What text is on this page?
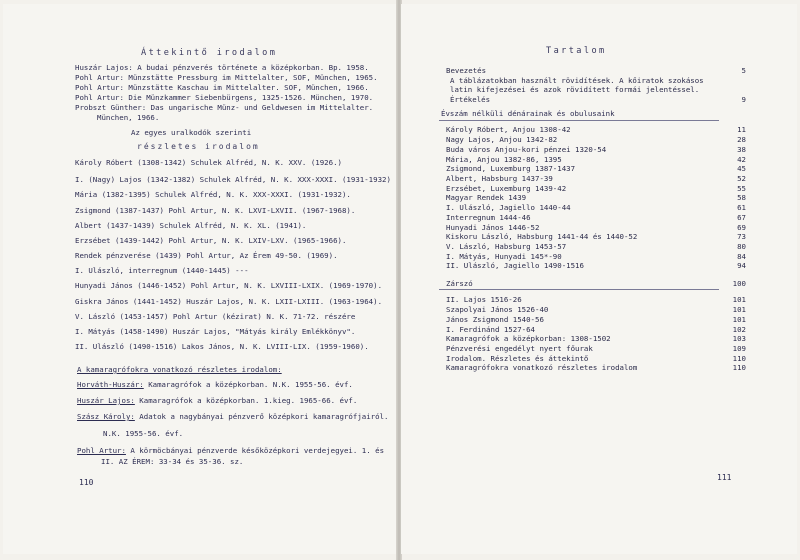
Áttekintő irodalom
Huszár Lajos: A budai pénzverés története a középkorban. Bp. 1958.
Pohl Artur: Münzstätte Pressburg im Mittelalter, SOF, München, 1965.
Pohl Artur: Münzstätte Kaschau im Mittelalter. SOF, München, 1966.
Pohl Artur: Die Münzkammer Siebenbürgens, 1325-1526. München, 1970.
Probszt Günther: Das ungarische Münz- und Geldwesen im Mittelalter.
München, 1966.
Az egyes uralkodók szerinti
részletes irodalom
Károly Róbert (1308-1342) Schulek Alfréd, N. K. XXV. (1926.)
I. (Nagy) Lajos (1342-1382) Schulek Alfréd, N. K. XXX-XXXI. (1931-1932)
Mária (1382-1395) Schulek Alfréd, N. K. XXX-XXXI. (1931-1932).
Zsigmond (1387-1437) Pohl Artur, N. K. LXVI-LXVII. (1967-1968).
Albert (1437-1439) Schulek Alfréd, N. K. XL. (1941).
Erzsébet (1439-1442) Pohl Artur, N. K. LXIV-LXV. (1965-1966).
Rendek pénzverése (1439) Pohl Artur, Az Érem 49-50. (1969).
I. Ulászló, interregnum (1440-1445) ---
Hunyadi János (1446-1452) Pohl Artur, N. K. LXVIII-LXIX. (1969-1970).
Giskra János (1441-1452) Huszár Lajos, N. K. LXII-LXIII. (1963-1964).
V. László (1453-1457) Pohl Artur (kézirat) N. K. 71-72. részére
I. Mátyás (1458-1490) Huszár Lajos, "Mátyás király Emlékkönyv".
II. Ulászló (1490-1516) Lakos János, N. K. LVIII-LIX. (1959-1960).
A kamaragrófokra vonatkozó részletes irodalom:
Horváth-Huszár: Kamaragrófok a középkorban. N.K. 1955-56. évf.
Huszár Lajos: Kamaragrófok a középkorban. 1.kieg. 1965-66. évf.
Szász Károly: Adatok a nagybányai pénzverő középkori kamaragrófjairól.
N.K. 1955-56. évf.
Pohl Artur: A körmöcbányai pénzverde későközépkori verdejegyei. 1. és
II. AZ ÉREM: 33-34 és 35-36. sz.
110
Tartalom
Bevezetés	5
A táblázatokban használt rövidítések. A kőiratok szokásos
latin kifejezései és azok rövidített formái jelentéssel.
Értékelés	9
Évszám nélküli dénárainak és obulusaink
Károly Róbert, Anjou 1308-42	11
Nagy Lajos, Anjou 1342-82	28
Buda város Anjou-kori pénzei 1320-54	38
Mária, Anjou 1382-86, 1395	42
Zsigmond, Luxemburg 1387-1437	45
Albert, Habsburg 1437-39	52
Erzsébet, Luxemburg 1439-42	55
Magyar Rendek 1439	58
I. Ulászló, Jagiello 1440-44	61
Interregnum 1444-46	67
Hunyadi János 1446-52	69
Kiskoru László, Habsburg 1441-44 és 1440-52	73
V. László, Habsburg 1453-57	80
I. Mátyás, Hunyadi 145*-90	84
II. Ulászló, Jagiello 1490-1516	94
Zárszó	100
II. Lajos 1516-26	101
Szapolyai János 1526-40	101
János Zsigmond 1540-56	101
I. Ferdinánd 1527-64	102
Kamaragrófok a középkorban: 1308-1502	103
Pénzverési engedélyt nyert főurak	109
Irodalom. Részletes és áttekintő	110
Kamaragrófokra vonatkozó részletes irodalom	110
111
